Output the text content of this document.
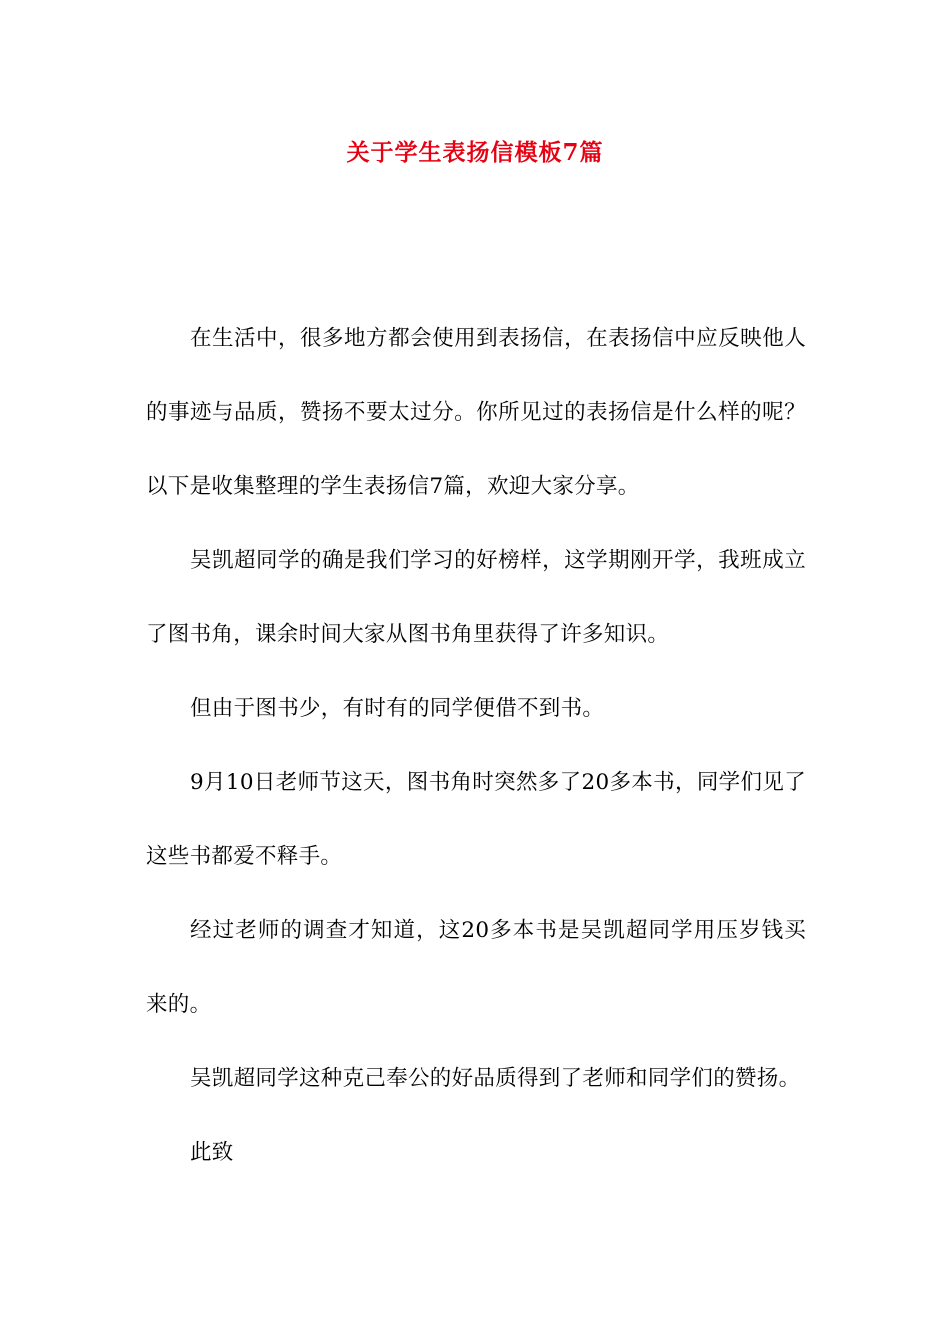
关于学生表扬信模板7篇

在生活中，很多地方都会使用到表扬信，在表扬信中应反映他人的事迹与品质，赞扬不要太过分。你所见过的表扬信是什么样的呢？以下是收集整理的学生表扬信7篇，欢迎大家分享。

吴凯超同学的确是我们学习的好榜样，这学期刚开学，我班成立了图书角，课余时间大家从图书角里获得了许多知识。

但由于图书少，有时有的同学便借不到书。

9月10日老师节这天，图书角时突然多了20多本书，同学们见了这些书都爱不释手。

经过老师的调查才知道，这20多本书是吴凯超同学用压岁钱买来的。

吴凯超同学这种克己奉公的好品质得到了老师和同学们的赞扬。

此致
